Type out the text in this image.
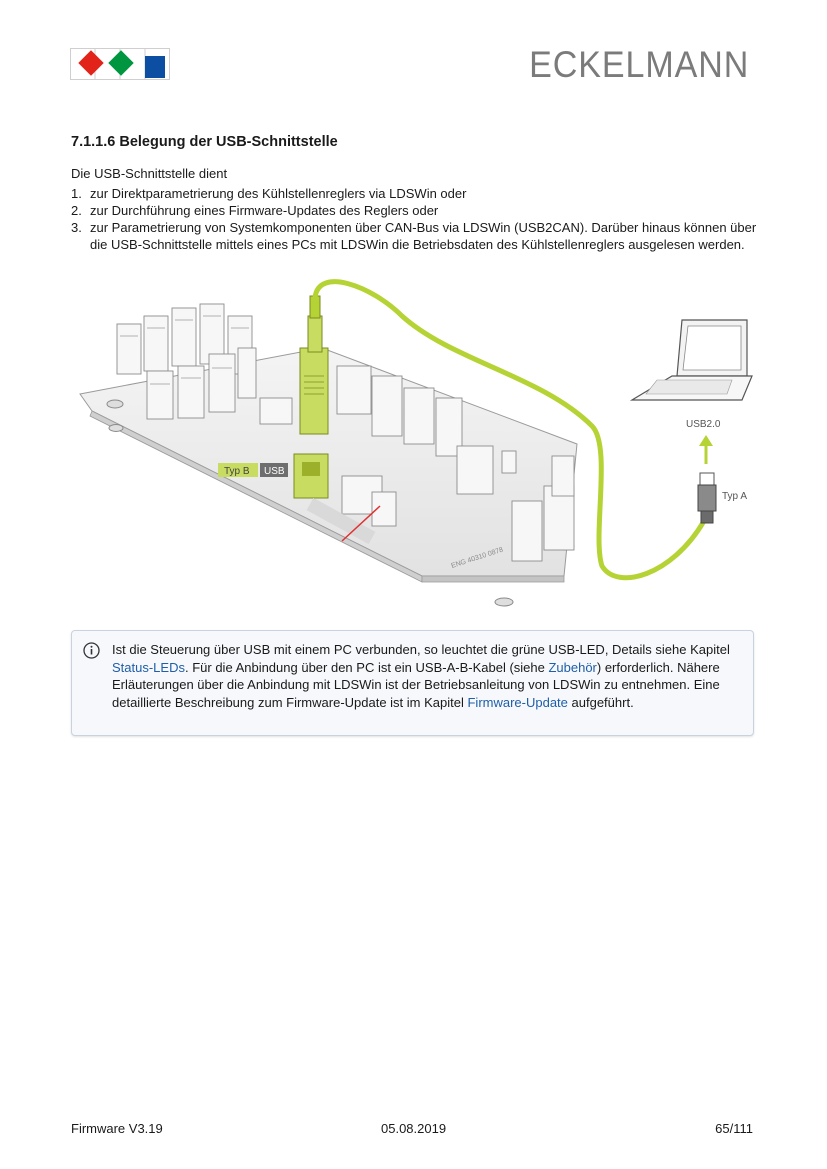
ECKELMANN
7.1.1.6 Belegung der USB-Schnittstelle

Die USB-Schnittstelle dient

1. zur Direktparametrierung des Kühlstellenreglers via LDSWin oder
2. zur Durchführung eines Firmware-Updates des Reglers oder
3. zur Parametrierung von Systemkomponenten über CAN-Bus via LDSWin (USB2CAN). Darüber hinaus können über die USB-Schnittstelle mittels eines PCs mit LDSWin die Betriebsdaten des Kühlstellenreglers ausgelesen werden.
ENG 40310 0878
Typ B USB
USB2.0
Typ A

Ist die Steuerung über USB mit einem PC verbunden, so leuchtet die grüne USB-LED, Details siehe Kapitel Status-LEDs. Für die Anbindung über den PC ist ein USB-A-B-Kabel (siehe Zubehör) erforderlich. Nähere Erläuterungen über die Anbindung mit LDSWin ist der Betriebsanleitung von LDSWin zu entnehmen. Eine detaillierte Beschreibung zum Firmware-Update ist im Kapitel Firmware-Update aufgeführt.

Firmware V3.19	05.08.2019	65/111
